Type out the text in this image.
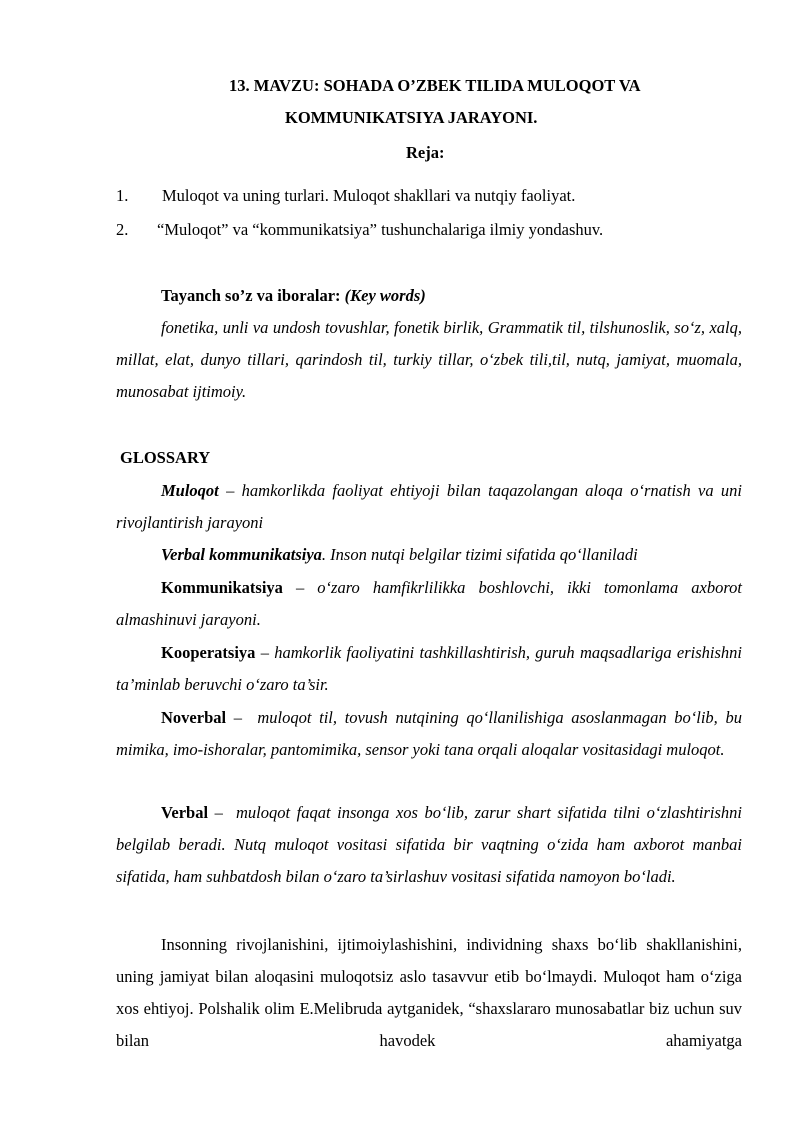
13. MAVZU: SOHADA O’ZBEK TILIDA MULOQOT VA
KOMMUNIKATSIYA JARAYONI.
Reja:
1. Muloqot va uning turlari. Muloqot shakllari va nutqiy faoliyat.
2. “Muloqot” va “kommunikatsiya” tushunchalariga ilmiy yondashuv.
Tayanch so’z va iboralar: (Key words)
fonetika, unli va undosh tovushlar, fonetik birlik, Grammatik til, tilshunoslik, so‘z, xalq, millat, elat, dunyo tillari, qarindosh til, turkiy tillar, o‘zbek tili,til, nutq, jamiyat, muomala, munosabat ijtimoiy.
GLOSSARY
Muloqot – hamkorlikda faoliyat ehtiyoji bilan taqazolangan aloqa o‘rnatish va uni rivojlantirish jarayoni
Verbal kommunikatsiya. Inson nutqi belgilar tizimi sifatida qo‘llaniladi
Kommunikatsiya – o‘zaro hamfikrlilikka boshlovchi, ikki tomonlama axborot almashinuvi jarayoni.
Kooperatsiya – hamkorlik faoliyatini tashkillashtirish, guruh maqsadlariga erishishni ta’minlab beruvchi o‘zaro ta’sir.
Noverbal –  muloqot til, tovush nutqining qo‘llanilishiga asoslanmagan bo‘lib, bu mimika, imo-ishoralar, pantomimika, sensor yoki tana orqali aloqalar vositasidagi muloqot.
Verbal –  muloqot faqat insonga xos bo‘lib, zarur shart sifatida tilni o‘zlashtirishni belgilab beradi. Nutq muloqot vositasi sifatida bir vaqtning o‘zida ham axborot manbai sifatida, ham suhbatdosh bilan o‘zaro ta’sirlashuv vositasi sifatida namoyon bo‘ladi.
Insonning rivojlanishini, ijtimoiylashishini, individning shaxs bo‘lib shakllanishini, uning jamiyat bilan aloqasini muloqotsiz aslo tasavvur etib bo‘lmaydi. Muloqot ham o‘ziga xos ehtiyoj. Polshalik olim E.Melibruda aytganidek, “shaxslararo munosabatlar biz uchun suv bilan havodek ahamiyatga
